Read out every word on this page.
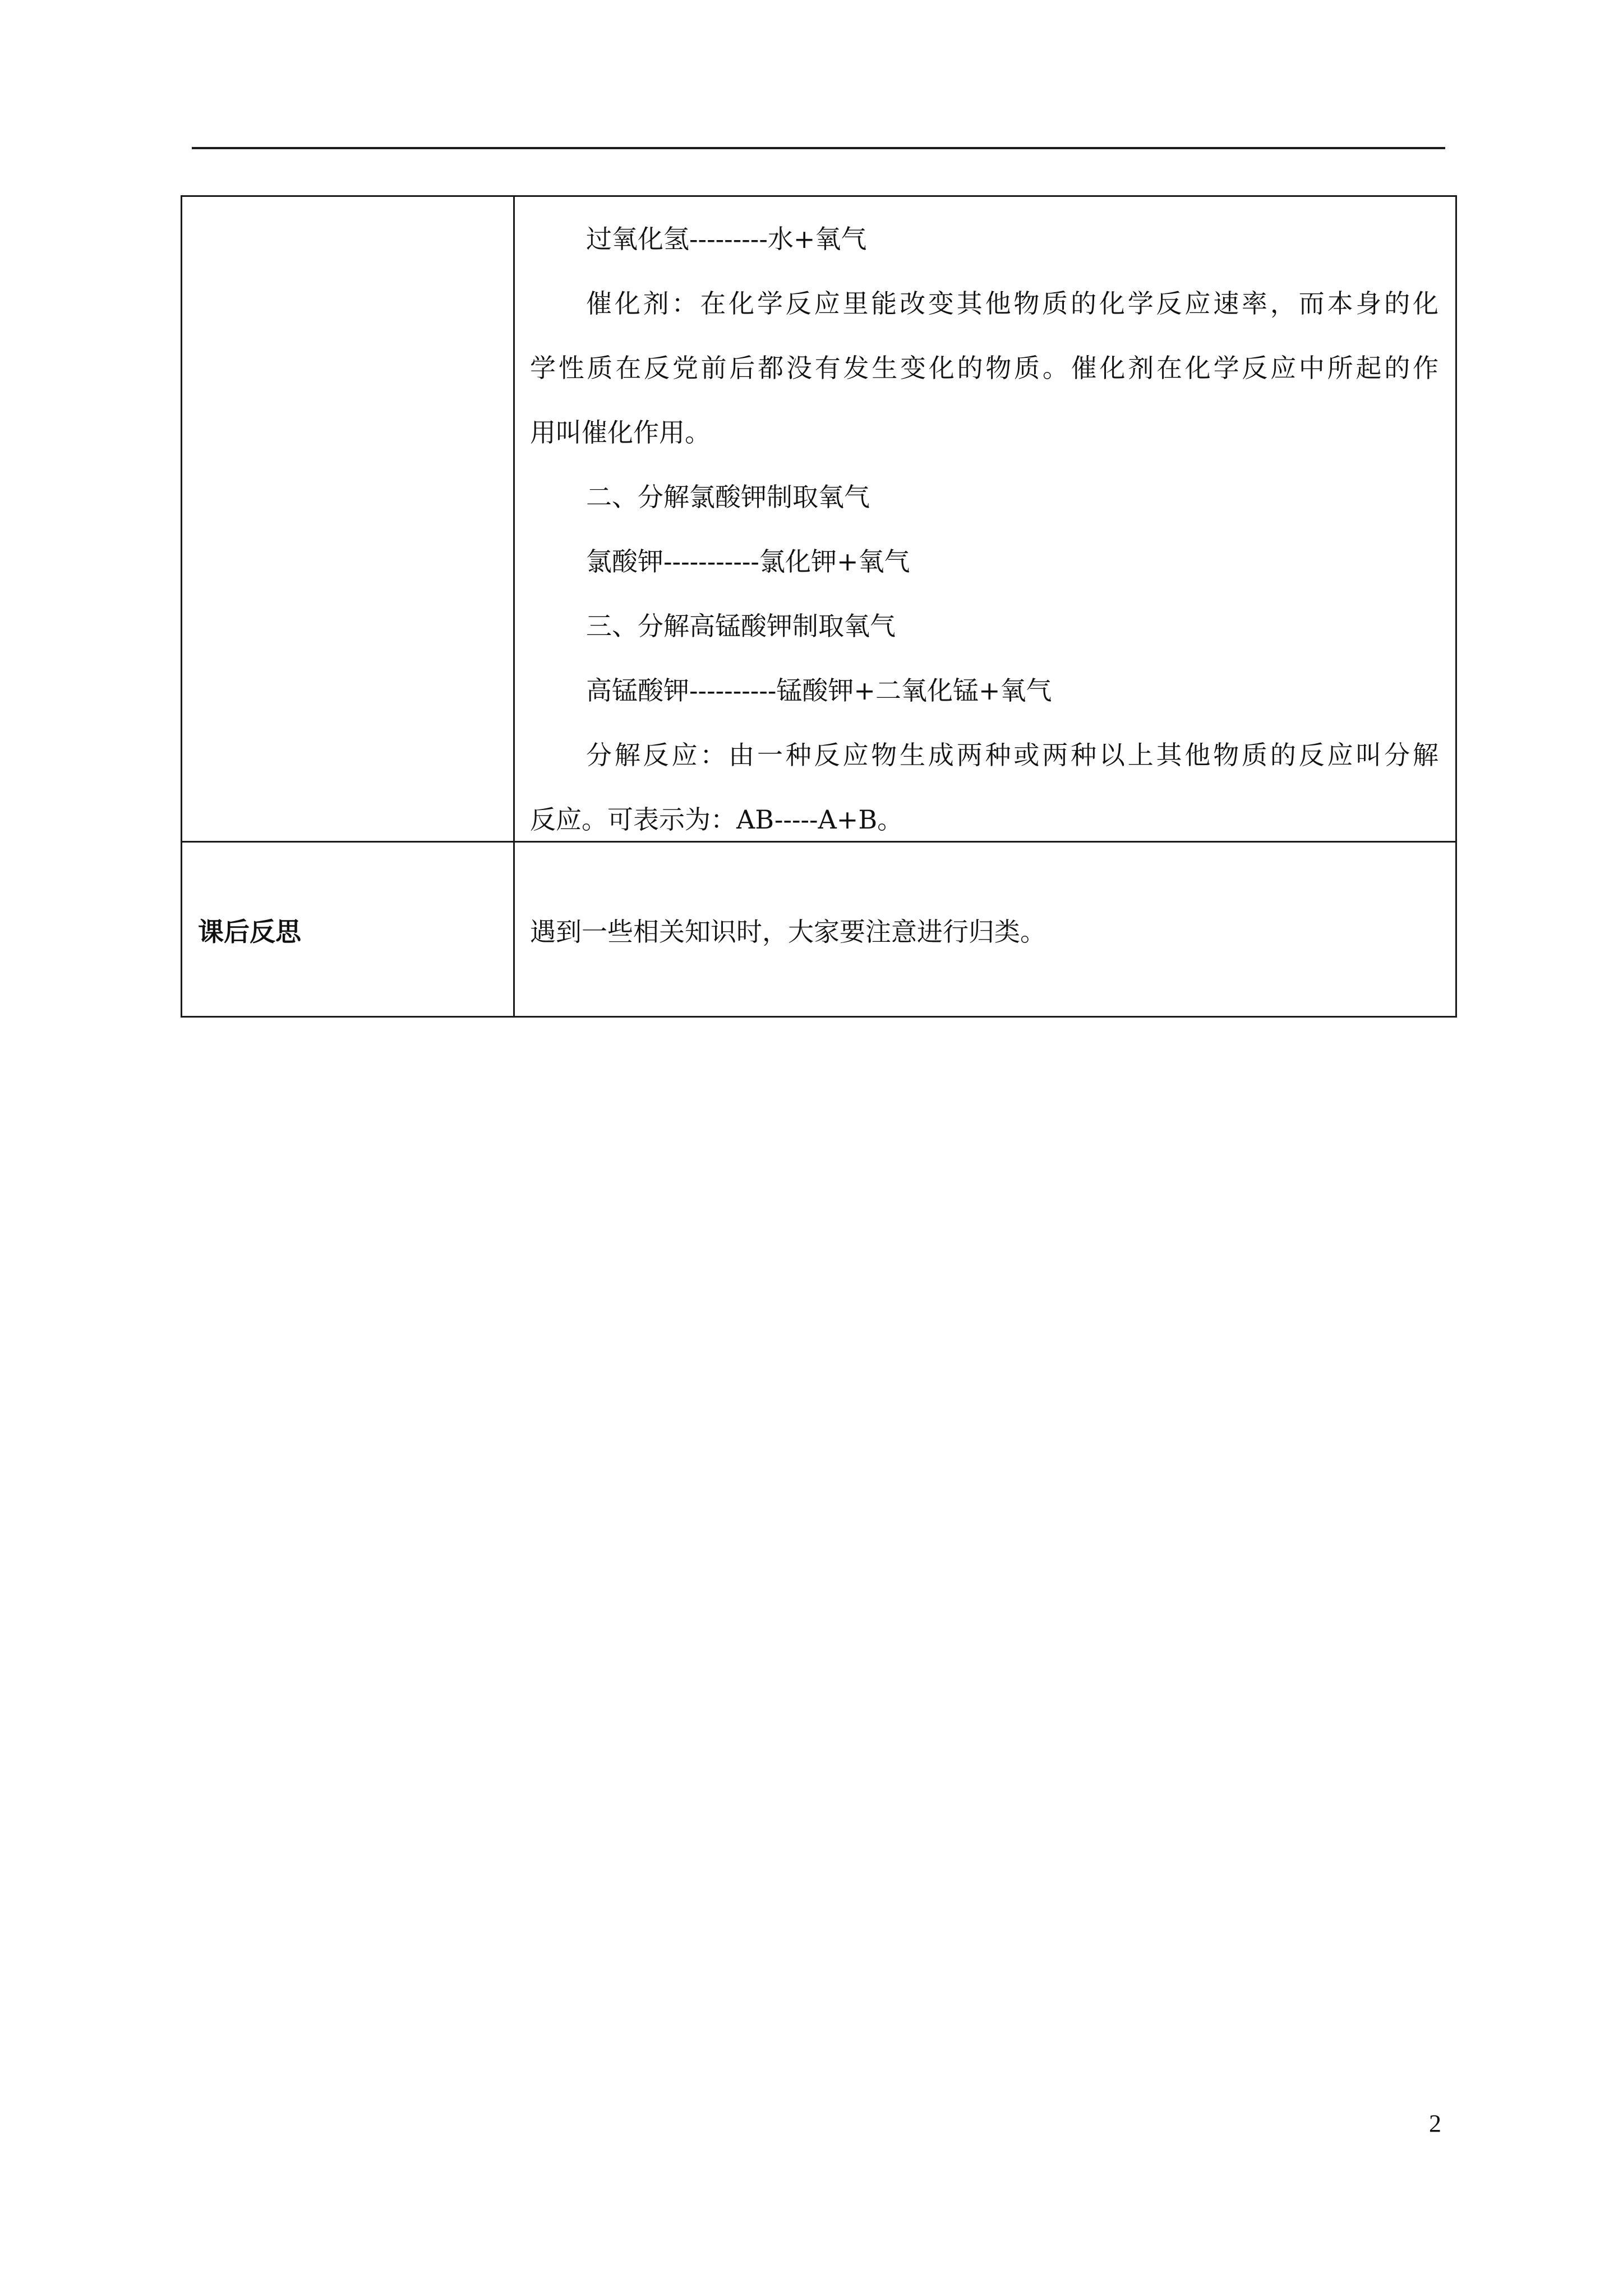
过氧化氢---------水+氧气

催化剂：在化学反应里能改变其他物质的化学反应速率，而本身的化

学性质在反党前后都没有发生变化的物质。催化剂在化学反应中所起的作

用叫催化作用。

二、分解氯酸钾制取氧气

氯酸钾-----------氯化钾+氧气

三、分解高锰酸钾制取氧气

高锰酸钾----------锰酸钾+二氧化锰+氧气

分解反应：由一种反应物生成两种或两种以上其他物质的反应叫分解

反应。可表示为：AB-----A+B。

课后反思	遇到一些相关知识时，大家要注意进行归类。
2
